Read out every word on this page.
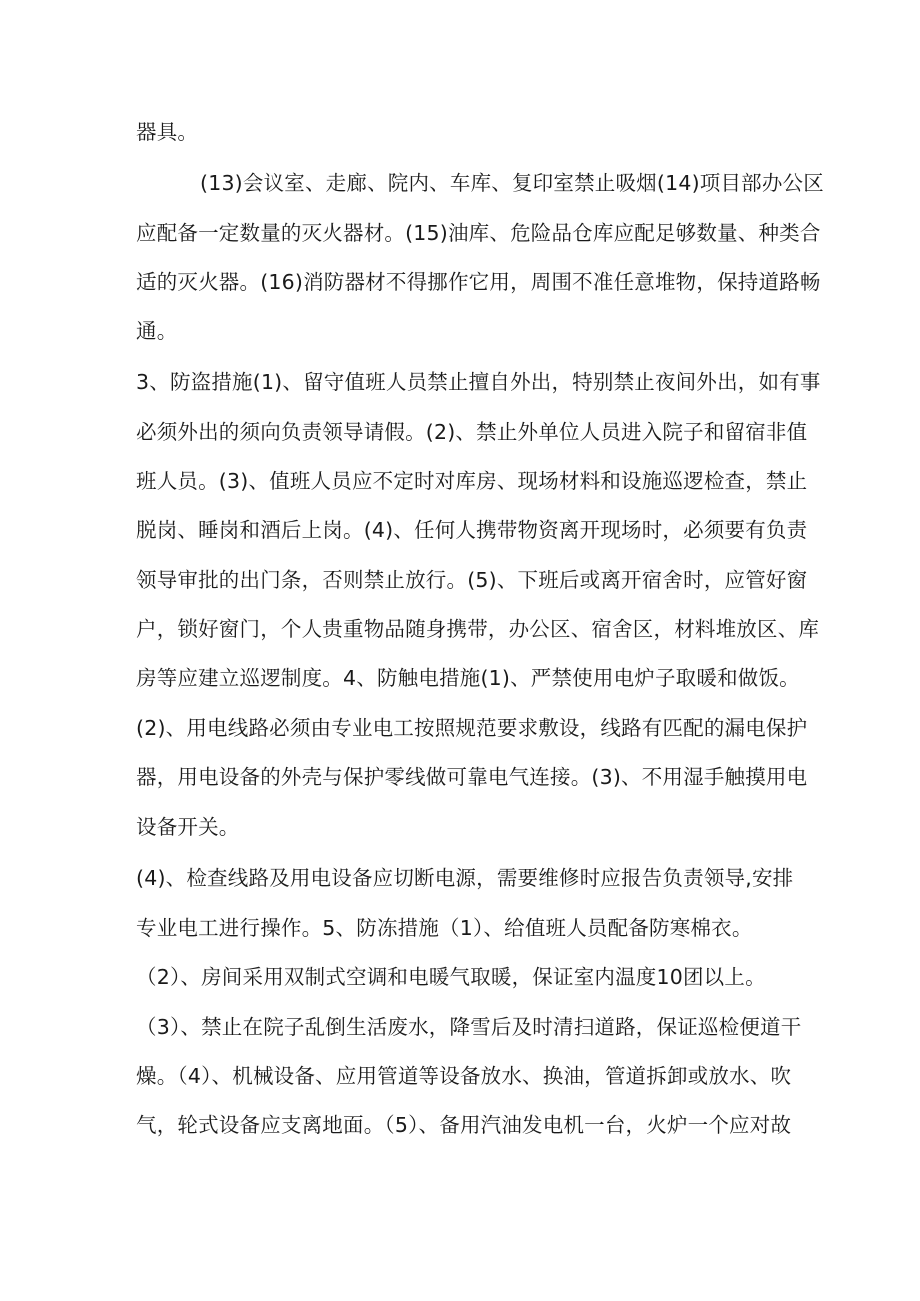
器具。
(13)会议室、走廊、院内、车库、复印室禁止吸烟(14)项目部办公区
应配备一定数量的灭火器材。(15)油库、危险品仓库应配足够数量、种类合
适的灭火器。(16)消防器材不得挪作它用，周围不准任意堆物，保持道路畅
通。
3、防盗措施(1)、留守值班人员禁止擅自外出，特别禁止夜间外出，如有事
必须外出的须向负责领导请假。(2)、禁止外单位人员进入院子和留宿非值
班人员。(3)、值班人员应不定时对库房、现场材料和设施巡逻检查，禁止
脱岗、睡岗和酒后上岗。(4)、任何人携带物资离开现场时，必须要有负责
领导审批的出门条，否则禁止放行。(5)、下班后或离开宿舍时，应管好窗
户，锁好窗门，个人贵重物品随身携带，办公区、宿舍区，材料堆放区、库
房等应建立巡逻制度。4、防触电措施(1)、严禁使用电炉子取暖和做饭。
(2)、用电线路必须由专业电工按照规范要求敷设，线路有匹配的漏电保护
器，用电设备的外壳与保护零线做可靠电气连接。(3)、不用湿手触摸用电
设备开关。
(4)、检查线路及用电设备应切断电源，需要维修时应报告负责领导,安排
专业电工进行操作。5、防冻措施（1）、给值班人员配备防寒棉衣。
（2）、房间采用双制式空调和电暖气取暖，保证室内温度10团以上。
（3）、禁止在院子乱倒生活废水，降雪后及时清扫道路，保证巡检便道干
燥。（4）、机械设备、应用管道等设备放水、换油，管道拆卸或放水、吹
气，轮式设备应支离地面。（5）、备用汽油发电机一台，火炉一个应对故
